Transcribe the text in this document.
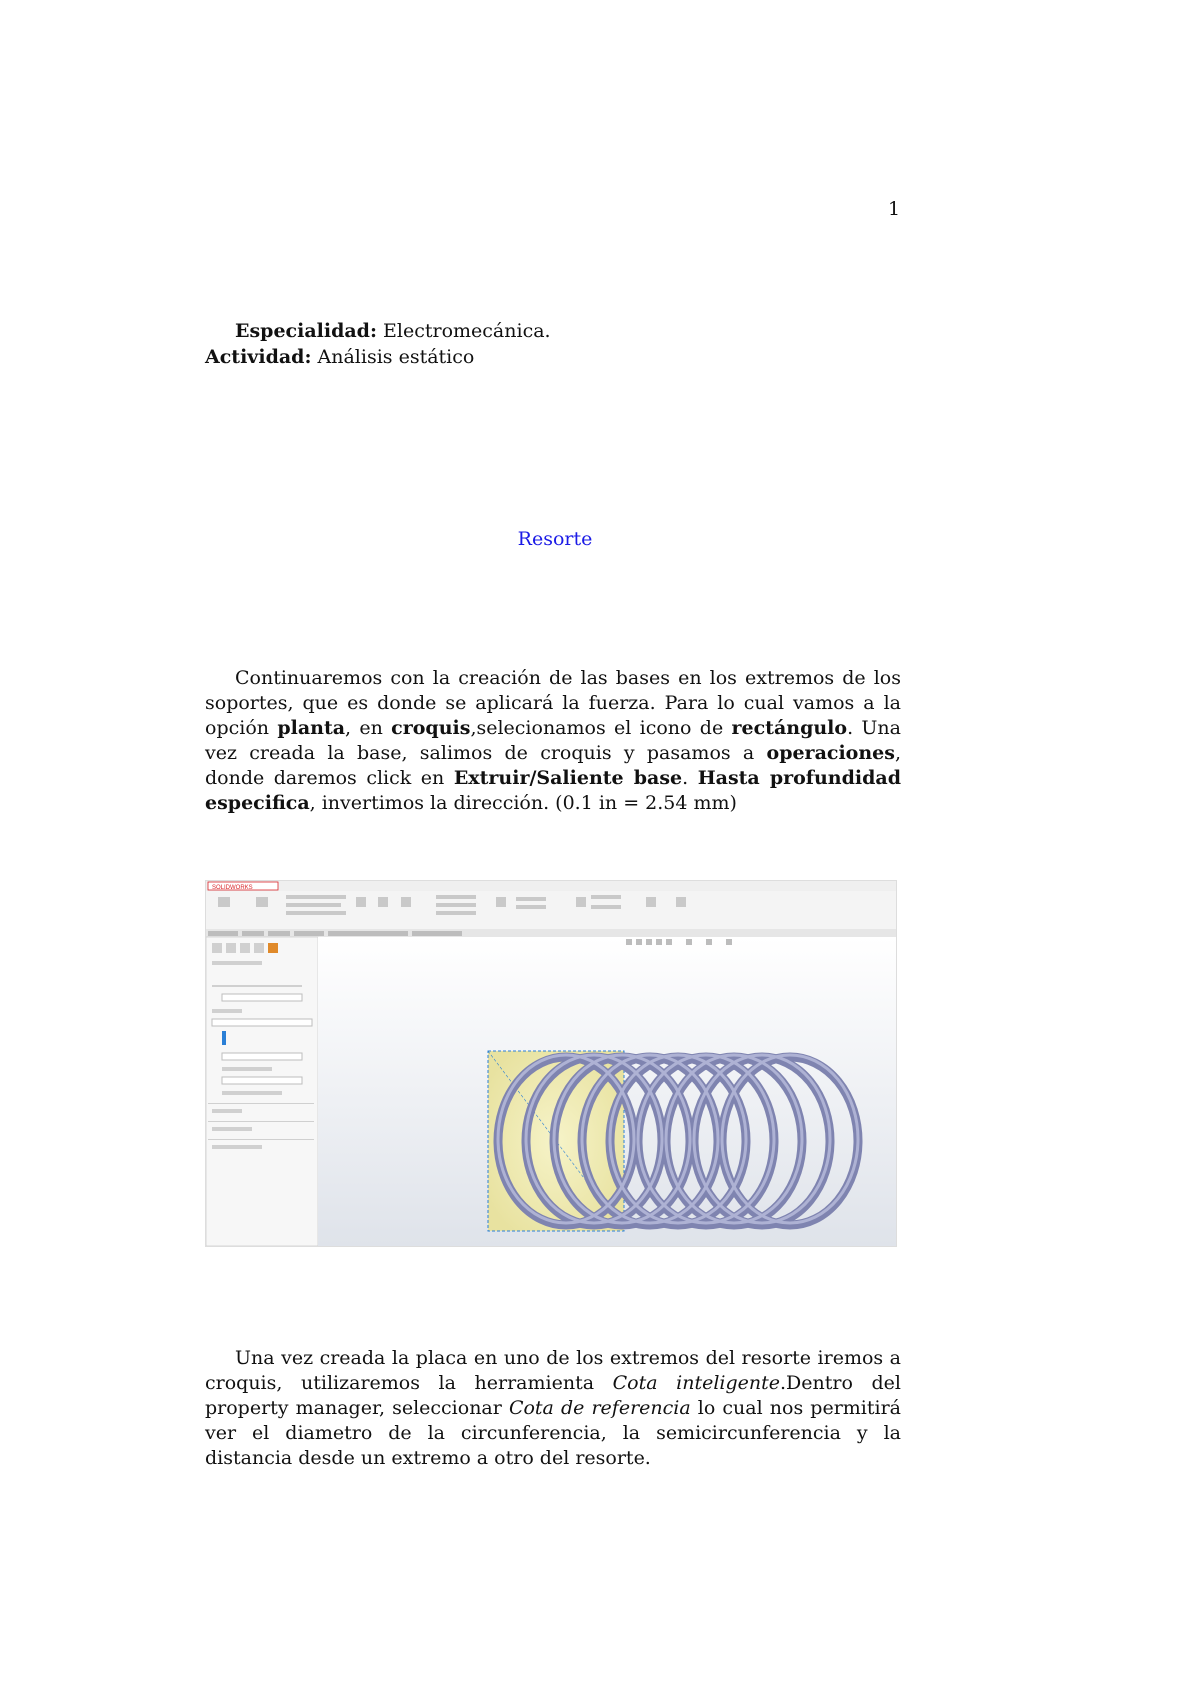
1
Especialidad: Electromecánica.
Actividad: Análisis estático
Resorte

Continuaremos con la creación de las bases en los extremos de los soportes, que es donde se aplicará la fuerza. Para lo cual vamos a la opción planta, en croquis,selecionamos el icono de rectángulo. Una vez creada la base, salimos de croquis y pasamos a operaciones, donde daremos click en Extruir/Saliente base. Hasta profundidad especifica, invertimos la dirección. (0.1 in = 2.54 mm)

SOLIDWORKS

Una vez creada la placa en uno de los extremos del resorte iremos a croquis, utilizaremos la herramienta Cota inteligente.Dentro del property manager, seleccionar Cota de referencia lo cual nos permitirá ver el diametro de la circunferencia, la semicircunferencia y la distancia desde un extremo a otro del resorte.
